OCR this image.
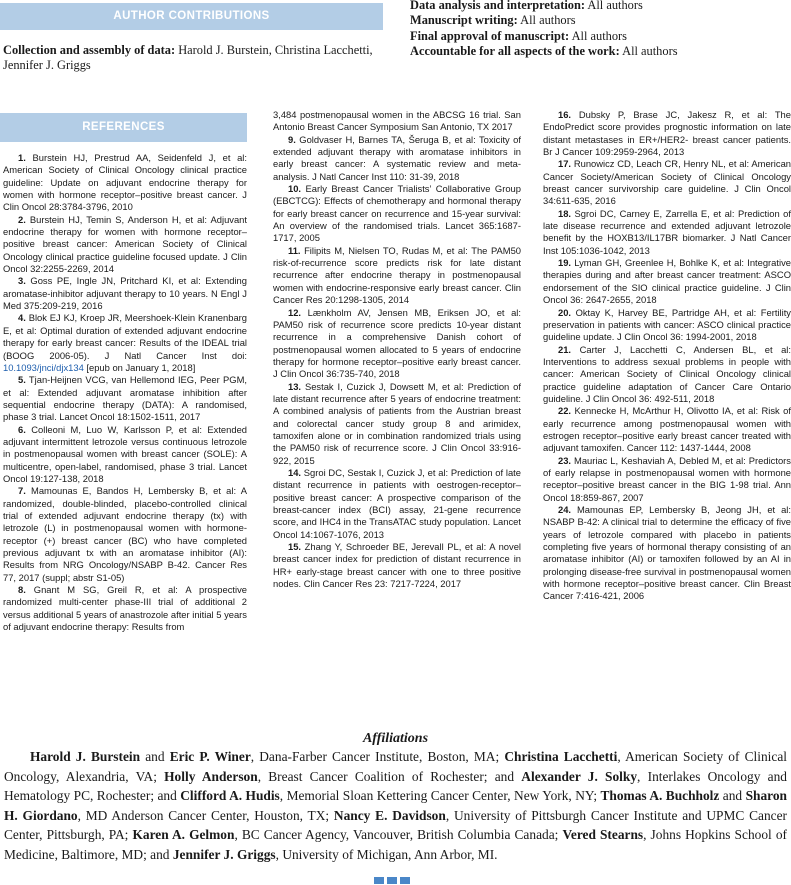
AUTHOR CONTRIBUTIONS
Collection and assembly of data: Harold J. Burstein, Christina Lacchetti, Jennifer J. Griggs
Data analysis and interpretation: All authors
Manuscript writing: All authors
Final approval of manuscript: All authors
Accountable for all aspects of the work: All authors
REFERENCES

1. Burstein HJ, Prestrud AA, Seidenfeld J, et al: American Society of Clinical Oncology clinical practice guideline: Update on adjuvant endocrine therapy for women with hormone receptor–positive breast cancer. J Clin Oncol 28:3784-3796, 2010

2. Burstein HJ, Temin S, Anderson H, et al: Adjuvant endocrine therapy for women with hormone receptor–positive breast cancer: American Society of Clinical Oncology clinical practice guideline focused update. J Clin Oncol 32:2255-2269, 2014

3. Goss PE, Ingle JN, Pritchard KI, et al: Extending aromatase-inhibitor adjuvant therapy to 10 years. N Engl J Med 375:209-219, 2016

4. Blok EJ KJ, Kroep JR, Meershoek-Klein Kranenbarg E, et al: Optimal duration of extended adjuvant endocrine therapy for early breast cancer: Results of the IDEAL trial (BOOG 2006-05). J Natl Cancer Inst doi: 10.1093/jnci/djx134 [epub on January 1, 2018]

5. Tjan-Heijnen VCG, van Hellemond IEG, Peer PGM, et al: Extended adjuvant aromatase inhibition after sequential endocrine therapy (DATA): A randomised, phase 3 trial. Lancet Oncol 18:1502-1511, 2017

6. Colleoni M, Luo W, Karlsson P, et al: Extended adjuvant intermittent letrozole versus continuous letrozole in postmenopausal women with breast cancer (SOLE): A multicentre, open-label, randomised, phase 3 trial. Lancet Oncol 19:127-138, 2018

7. Mamounas E, Bandos H, Lembersky B, et al: A randomized, double-blinded, placebo-controlled clinical trial of extended adjuvant endocrine therapy (tx) with letrozole (L) in postmenopausal women with hormone-receptor (+) breast cancer (BC) who have completed previous adjuvant tx with an aromatase inhibitor (AI): Results from NRG Oncology/NSABP B-42. Cancer Res 77, 2017 (suppl; abstr S1-05)

8. Gnant M SG, Greil R, et al: A prospective randomized multi-center phase-III trial of additional 2 versus additional 5 years of anastrozole after initial 5 years of adjuvant endocrine therapy: Results from

3,484 postmenopausal women in the ABCSG 16 trial. San Antonio Breast Cancer Symposium San Antonio, TX 2017

9. Goldvaser H, Barnes TA, Šeruga B, et al: Toxicity of extended adjuvant therapy with aromatase inhibitors in early breast cancer: A systematic review and meta-analysis. J Natl Cancer Inst 110: 31-39, 2018

10. Early Breast Cancer Trialists’ Collaborative Group (EBCTCG): Effects of chemotherapy and hormonal therapy for early breast cancer on recurrence and 15-year survival: An overview of the randomised trials. Lancet 365:1687-1717, 2005

11. Filipits M, Nielsen TO, Rudas M, et al: The PAM50 risk-of-recurrence score predicts risk for late distant recurrence after endocrine therapy in postmenopausal women with endocrine-responsive early breast cancer. Clin Cancer Res 20:1298-1305, 2014

12. Lænkholm AV, Jensen MB, Eriksen JO, et al: PAM50 risk of recurrence score predicts 10-year distant recurrence in a comprehensive Danish cohort of postmenopausal women allocated to 5 years of endocrine therapy for hormone receptor–positive early breast cancer. J Clin Oncol 36:735-740, 2018

13. Sestak I, Cuzick J, Dowsett M, et al: Prediction of late distant recurrence after 5 years of endocrine treatment: A combined analysis of patients from the Austrian breast and colorectal cancer study group 8 and arimidex, tamoxifen alone or in combination randomized trials using the PAM50 risk of recurrence score. J Clin Oncol 33:916-922, 2015

14. Sgroi DC, Sestak I, Cuzick J, et al: Prediction of late distant recurrence in patients with oestrogen-receptor–positive breast cancer: A prospective comparison of the breast-cancer index (BCI) assay, 21-gene recurrence score, and IHC4 in the TransATAC study population. Lancet Oncol 14:1067-1076, 2013

15. Zhang Y, Schroeder BE, Jerevall PL, et al: A novel breast cancer index for prediction of distant recurrence in HR+ early-stage breast cancer with one to three positive nodes. Clin Cancer Res 23: 7217-7224, 2017

16. Dubsky P, Brase JC, Jakesz R, et al: The EndoPredict score provides prognostic information on late distant metastases in ER+/HER2- breast cancer patients. Br J Cancer 109:2959-2964, 2013

17. Runowicz CD, Leach CR, Henry NL, et al: American Cancer Society/American Society of Clinical Oncology breast cancer survivorship care guideline. J Clin Oncol 34:611-635, 2016

18. Sgroi DC, Carney E, Zarrella E, et al: Prediction of late disease recurrence and extended adjuvant letrozole benefit by the HOXB13/IL17BR biomarker. J Natl Cancer Inst 105:1036-1042, 2013

19. Lyman GH, Greenlee H, Bohlke K, et al: Integrative therapies during and after breast cancer treatment: ASCO endorsement of the SIO clinical practice guideline. J Clin Oncol 36: 2647-2655, 2018

20. Oktay K, Harvey BE, Partridge AH, et al: Fertility preservation in patients with cancer: ASCO clinical practice guideline update. J Clin Oncol 36: 1994-2001, 2018

21. Carter J, Lacchetti C, Andersen BL, et al: Interventions to address sexual problems in people with cancer: American Society of Clinical Oncology clinical practice guideline adaptation of Cancer Care Ontario guideline. J Clin Oncol 36: 492-511, 2018

22. Kennecke H, McArthur H, Olivotto IA, et al: Risk of early recurrence among postmenopausal women with estrogen receptor–positive early breast cancer treated with adjuvant tamoxifen. Cancer 112: 1437-1444, 2008

23. Mauriac L, Keshaviah A, Debled M, et al: Predictors of early relapse in postmenopausal women with hormone receptor–positive breast cancer in the BIG 1-98 trial. Ann Oncol 18:859-867, 2007

24. Mamounas EP, Lembersky B, Jeong JH, et al: NSABP B-42: A clinical trial to determine the efficacy of five years of letrozole compared with placebo in patients completing five years of hormonal therapy consisting of an aromatase inhibitor (AI) or tamoxifen followed by an AI in prolonging disease-free survival in postmenopausal women with hormone receptor–positive breast cancer. Clin Breast Cancer 7:416-421, 2006

Affiliations
Harold J. Burstein and Eric P. Winer, Dana-Farber Cancer Institute, Boston, MA; Christina Lacchetti, American Society of Clinical Oncology, Alexandria, VA; Holly Anderson, Breast Cancer Coalition of Rochester; and Alexander J. Solky, Interlakes Oncology and Hematology PC, Rochester; and Clifford A. Hudis, Memorial Sloan Kettering Cancer Center, New York, NY; Thomas A. Buchholz and Sharon H. Giordano, MD Anderson Cancer Center, Houston, TX; Nancy E. Davidson, University of Pittsburgh Cancer Institute and UPMC Cancer Center, Pittsburgh, PA; Karen A. Gelmon, BC Cancer Agency, Vancouver, British Columbia Canada; Vered Stearns, Johns Hopkins School of Medicine, Baltimore, MD; and Jennifer J. Griggs, University of Michigan, Ann Arbor, MI.
